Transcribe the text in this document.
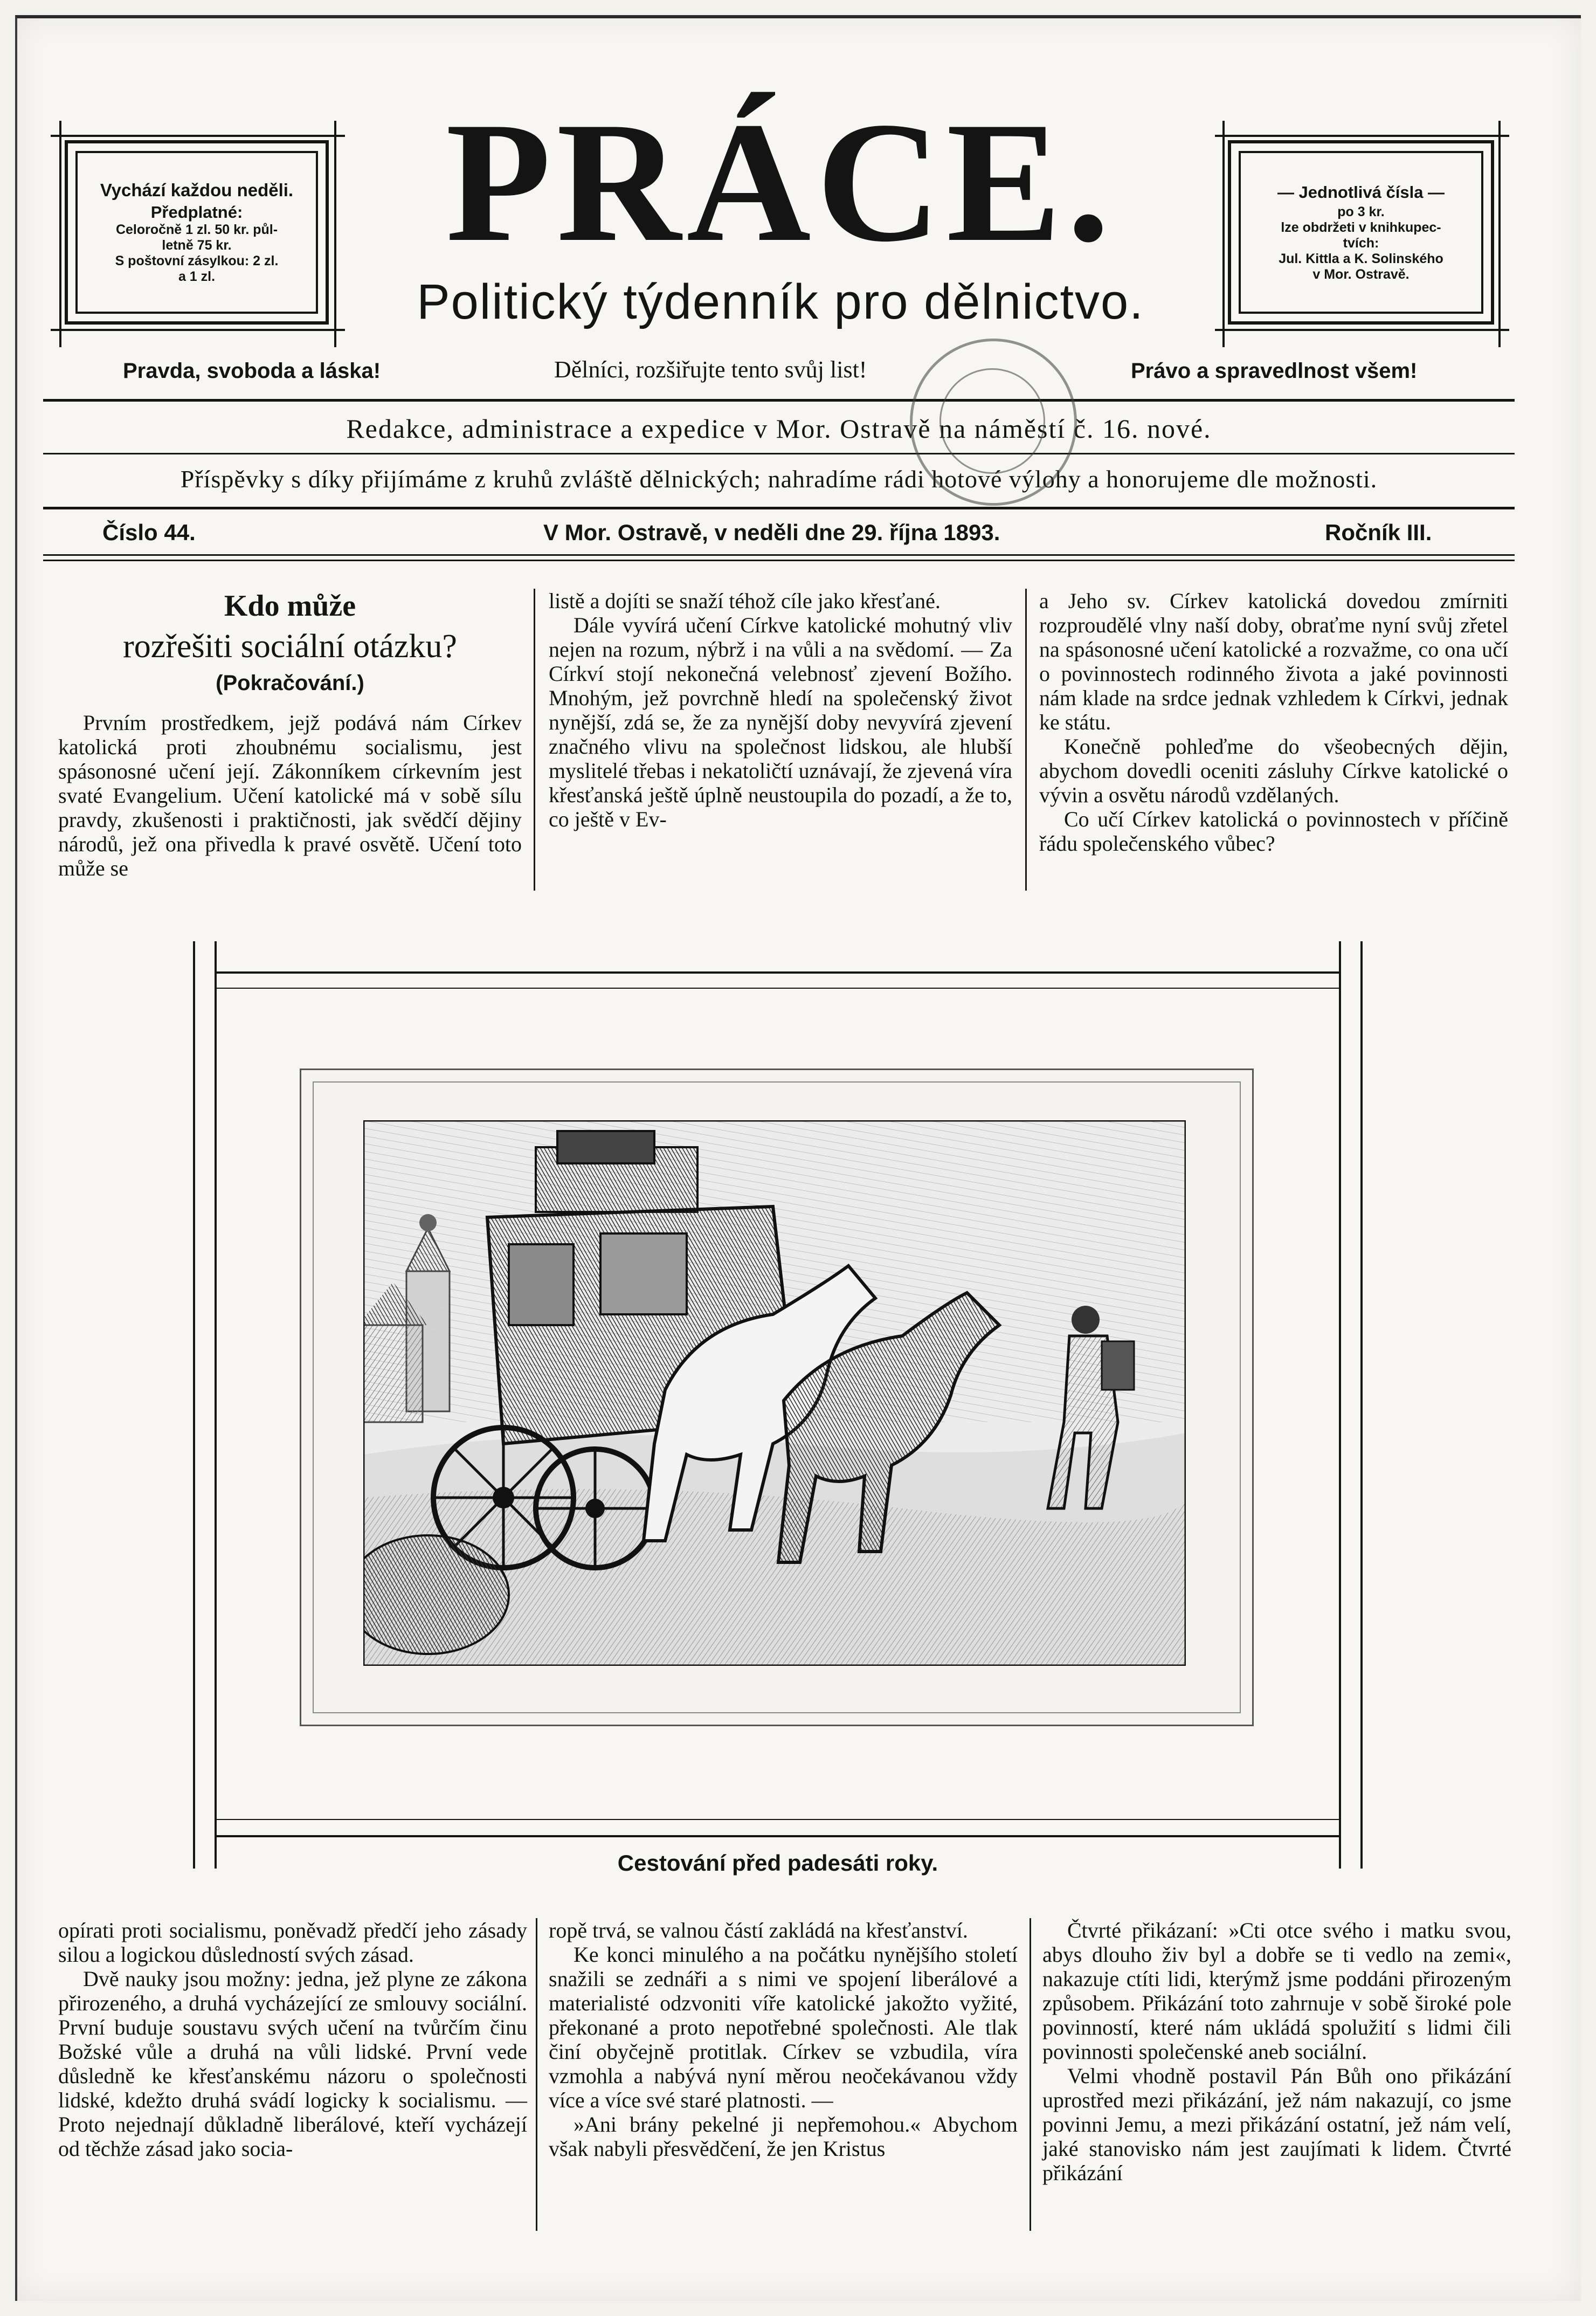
Vychází každou neděli.
Předplatné:
Celoročně 1 zl. 50 kr. půl-
letně 75 kr.
S poštovní zásylkou: 2 zl.
a 1 zl.
— Jednotlivá čísla —
po 3 kr.
lze obdržeti v knihkupec-
tvích:
Jul. Kittla a K. Solinského
v Mor. Ostravě.
PRÁCE.
Politický týdenník pro dělnictvo.
Pravda, svoboda a láska!	Dělníci, rozšiřujte tento svůj list!	Právo a spravedlnost všem!
Redakce, administrace a expedice v Mor. Ostravě na náměstí č. 16. nové.
Příspěvky s díky přijímáme z kruhů zvláště dělnických; nahradíme rádi hotové výlohy a honorujeme dle možnosti.
Číslo 44.	V Mor. Ostravě, v neděli dne 29. října 1893.	Ročník III.
Kdo může
rozřešiti sociální otázku?
(Pokračování.)

Prvním prostředkem, jejž podává nám Církev katolická proti zhoubnému socialismu, jest spásonosné učení její. Zákonníkem církevním jest svaté Evangelium. Učení katolické má v sobě sílu pravdy, zkušenosti i praktičnosti, jak svědčí dějiny národů, jež ona přivedla k pravé osvětě. Učení toto může se

listě a dojíti se snaží téhož cíle jako křesťané.

Dále vyvírá učení Církve katolické mohutný vliv nejen na rozum, nýbrž i na vůli a na svědomí. — Za Církví stojí nekonečná velebnosť zjevení Božího. Mnohým, jež povrchně hledí na společenský život nynější, zdá se, že za nynější doby nevyvírá zjevení značného vlivu na společnost lidskou, ale hlubší myslitelé třebas i nekatoličtí uznávají, že zjevená víra křesťanská ještě úplně neustoupila do pozadí, a že to, co ještě v Ev-

a Jeho sv. Církev katolická dovedou zmírniti rozproudělé vlny naší doby, obraťme nyní svůj zřetel na spásonosné učení katolické a rozvažme, co ona učí o povinnostech rodinného života a jaké povinnosti nám klade na srdce jednak vzhledem k Církvi, jednak ke státu.

Konečně pohleďme do všeobecných dějin, abychom dovedli oceniti zásluhy Církve katolické o vývin a osvětu národů vzdělaných.

Co učí Církev katolická o povinnostech v příčině řádu společenského vůbec?

Cestování před padesáti roky.

opírati proti socialismu, poněvadž předčí jeho zásady silou a logickou důsledností svých zásad.

Dvě nauky jsou možny: jedna, jež plyne ze zákona přirozeného, a druhá vycházející ze smlouvy sociální. První buduje soustavu svých učení na tvůrčím činu Božské vůle a druhá na vůli lidské. První vede důsledně ke křesťanskému názoru o společnosti lidské, kdežto druhá svádí logicky k socialismu. — Proto nejednají důkladně liberálové, kteří vycházejí od těchže zásad jako socia-

ropě trvá, se valnou částí zakládá na křesťanství.

Ke konci minulého a na počátku nynějšího století snažili se zednáři a s nimi ve spojení liberálové a materialisté odzvoniti víře katolické jakožto vyžité, překonané a proto nepotřebné společnosti. Ale tlak činí obyčejně protitlak. Církev se vzbudila, víra vzmohla a nabývá nyní měrou neočekávanou vždy více a více své staré platnosti. —

»Ani brány pekelné ji nepřemohou.« Abychom však nabyli přesvědčení, že jen Kristus

Čtvrté přikázaní: »Cti otce svého i matku svou, abys dlouho živ byl a dobře se ti vedlo na zemi«, nakazuje ctíti lidi, kterýmž jsme poddáni přirozeným způsobem. Přikázání toto zahrnuje v sobě široké pole povinností, které nám ukládá spolužití s lidmi čili povinnosti společenské aneb sociální.

Velmi vhodně postavil Pán Bůh ono přikázání uprostřed mezi přikázání, jež nám nakazují, co jsme povinni Jemu, a mezi přikázání ostatní, jež nám velí, jaké stanovisko nám jest zaujímati k lidem. Čtvrté přikázání
